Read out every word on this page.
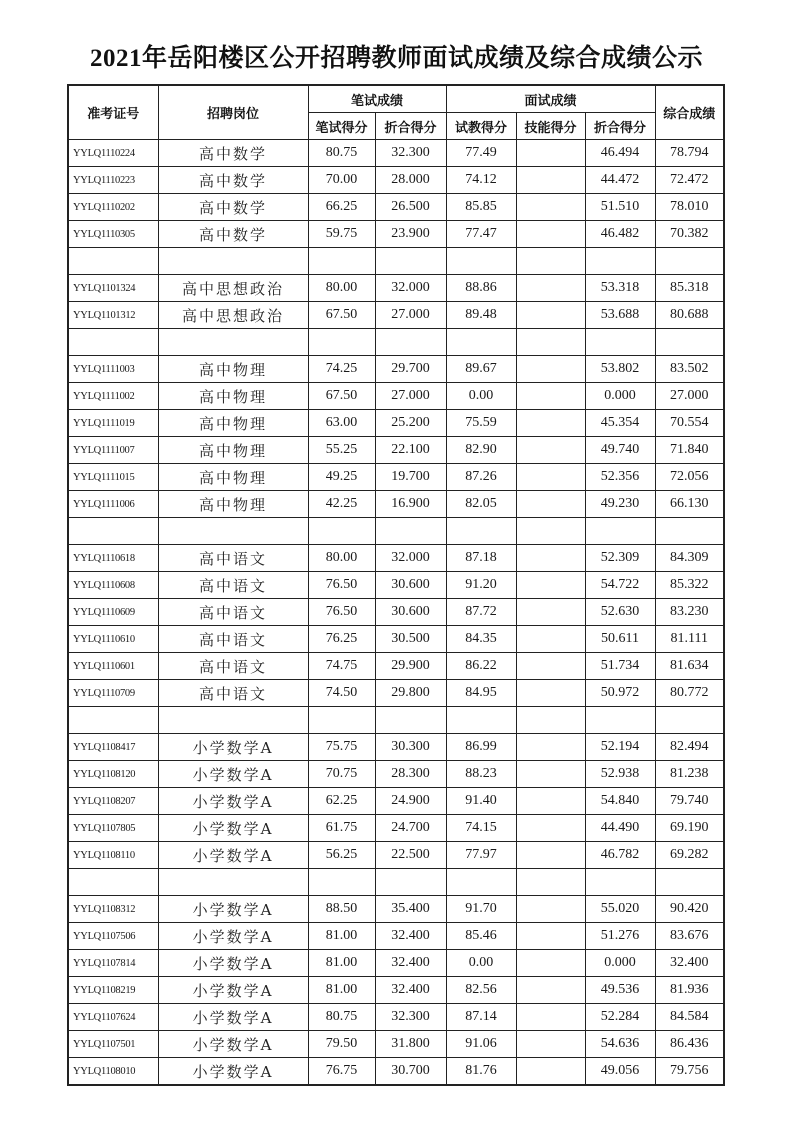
2021年岳阳楼区公开招聘教师面试成绩及综合成绩公示
准考证号	招聘岗位	笔试成绩		面试成绩			综合成绩
		笔试得分	折合得分	试教得分	技能得分	折合得分	
YYLQ1110224	高中数学	80.75	32.300	77.49		46.494	78.794
YYLQ1110223	高中数学	70.00	28.000	74.12		44.472	72.472
YYLQ1110202	高中数学	66.25	26.500	85.85		51.510	78.010
YYLQ1110305	高中数学	59.75	23.900	77.47		46.482	70.382

YYLQ1101324	高中思想政治	80.00	32.000	88.86		53.318	85.318
YYLQ1101312	高中思想政治	67.50	27.000	89.48		53.688	80.688

YYLQ1111003	高中物理	74.25	29.700	89.67		53.802	83.502
YYLQ1111002	高中物理	67.50	27.000	0.00		0.000	27.000
YYLQ1111019	高中物理	63.00	25.200	75.59		45.354	70.554
YYLQ1111007	高中物理	55.25	22.100	82.90		49.740	71.840
YYLQ1111015	高中物理	49.25	19.700	87.26		52.356	72.056
YYLQ1111006	高中物理	42.25	16.900	82.05		49.230	66.130

YYLQ1110618	高中语文	80.00	32.000	87.18		52.309	84.309
YYLQ1110608	高中语文	76.50	30.600	91.20		54.722	85.322
YYLQ1110609	高中语文	76.50	30.600	87.72		52.630	83.230
YYLQ1110610	高中语文	76.25	30.500	84.35		50.611	81.111
YYLQ1110601	高中语文	74.75	29.900	86.22		51.734	81.634
YYLQ1110709	高中语文	74.50	29.800	84.95		50.972	80.772

YYLQ1108417	小学数学A	75.75	30.300	86.99		52.194	82.494
YYLQ1108120	小学数学A	70.75	28.300	88.23		52.938	81.238
YYLQ1108207	小学数学A	62.25	24.900	91.40		54.840	79.740
YYLQ1107805	小学数学A	61.75	24.700	74.15		44.490	69.190
YYLQ1108110	小学数学A	56.25	22.500	77.97		46.782	69.282

YYLQ1108312	小学数学A	88.50	35.400	91.70		55.020	90.420
YYLQ1107506	小学数学A	81.00	32.400	85.46		51.276	83.676
YYLQ1107814	小学数学A	81.00	32.400	0.00		0.000	32.400
YYLQ1108219	小学数学A	81.00	32.400	82.56		49.536	81.936
YYLQ1107624	小学数学A	80.75	32.300	87.14		52.284	84.584
YYLQ1107501	小学数学A	79.50	31.800	91.06		54.636	86.436
YYLQ1108010	小学数学A	76.75	30.700	81.76		49.056	79.756
